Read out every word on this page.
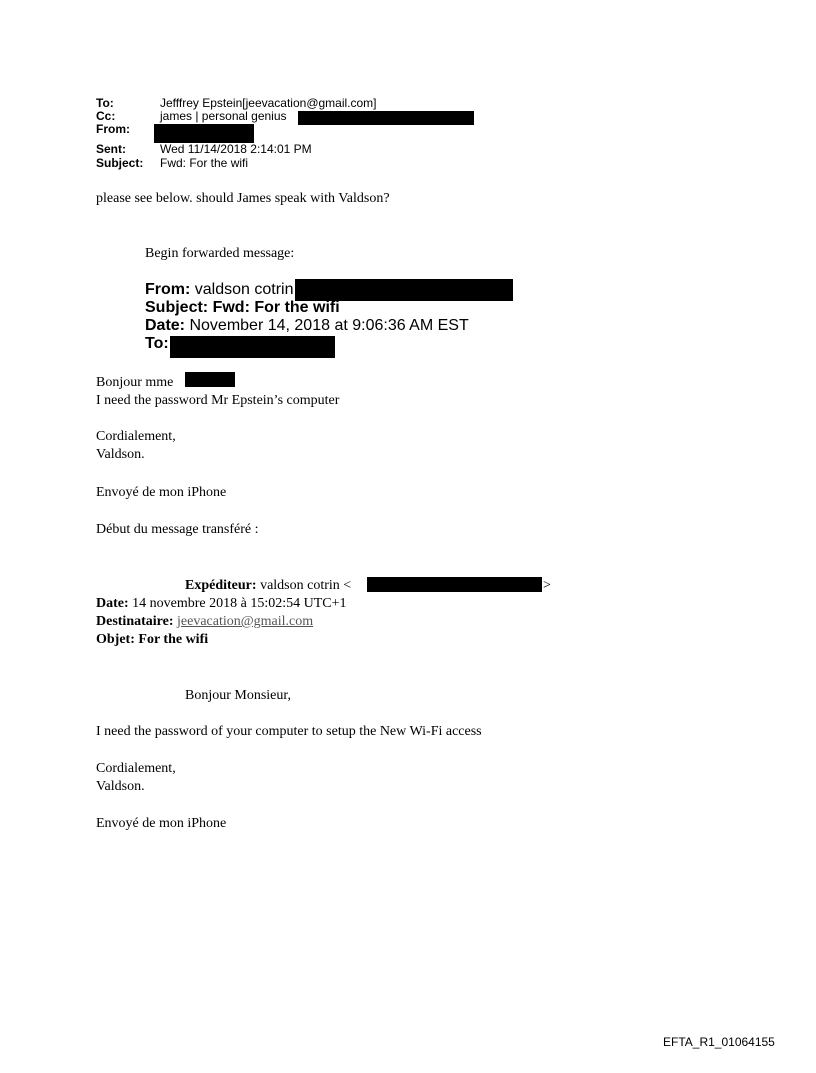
To:	Jefffrey Epstein[jeevacation@gmail.com]
Cc:	james | personal genius
From:
Sent:	Wed 11/14/2018 2:14:01 PM
Subject: Fwd: For the wifi
please see below. should James speak with Valdson?
Begin forwarded message:
From: valdson cotrin
Subject: Fwd: For the wifi
Date: November 14, 2018 at 9:06:36 AM EST
To:
Bonjour mme
I need the password Mr Epstein’s computer
Cordialement,
Valdson.
Envoyé de mon iPhone
Début du message transféré :
Expéditeur: valdson cotrin <	>
Date: 14 novembre 2018 à 15:02:54 UTC+1
Destinataire: jeevacation@gmail.com
Objet: For the wifi
Bonjour Monsieur,
I need the password of your computer to setup the New Wi-Fi access
Cordialement,
Valdson.
Envoyé de mon iPhone
EFTA_R1_01064155
